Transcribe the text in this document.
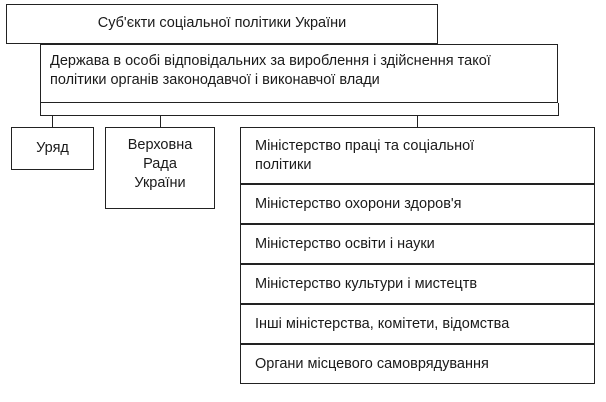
Суб'єкти соціальної політики України
Держава в особі відповідальних за вироблення і здійснення такої
політики органів законодавчої і виконавчої влади
Уряд	Верховна
Рада
України
Міністерство праці та соціальної
політики
Міністерство охорони здоров'я
Міністерство освіти і науки
Міністерство культури і мистецтв
Інші міністерства, комітети, відомства
Органи місцевого самоврядування
